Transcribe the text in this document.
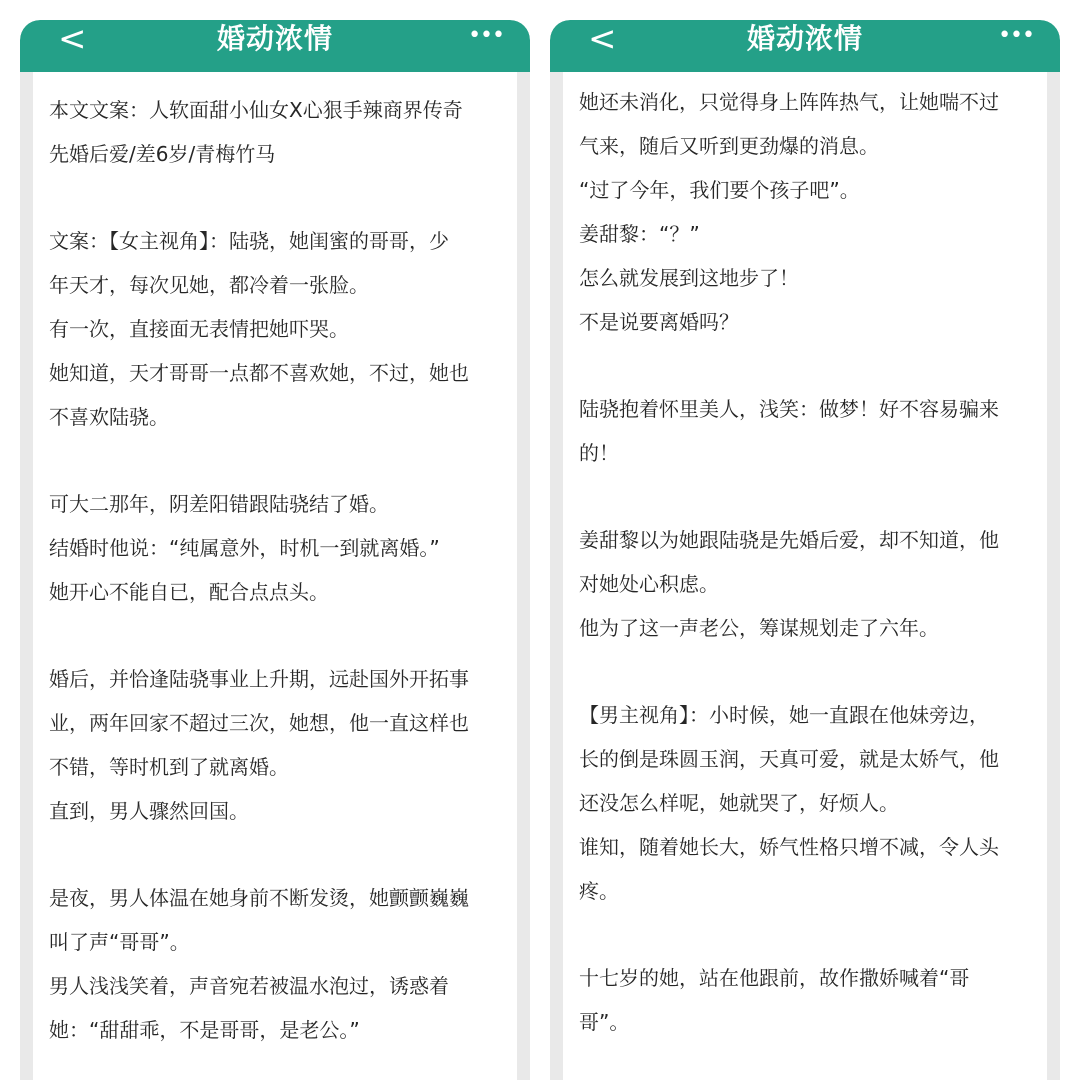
<	婚动浓情	•••
本文文案：人软面甜小仙女X心狠手辣商界传奇
先婚后爱/差6岁/青梅竹马
文案：【女主视角】：陆骁，她闺蜜的哥哥，少
年天才，每次见她，都冷着一张脸。
有一次，直接面无表情把她吓哭。
她知道，天才哥哥一点都不喜欢她，不过，她也
不喜欢陆骁。
可大二那年，阴差阳错跟陆骁结了婚。
结婚时他说：“纯属意外，时机一到就离婚。”
她开心不能自已，配合点点头。
婚后，并恰逢陆骁事业上升期，远赴国外开拓事
业，两年回家不超过三次，她想，他一直这样也
不错，等时机到了就离婚。
直到，男人骤然回国。
是夜，男人体温在她身前不断发烫，她颤颤巍巍
叫了声“哥哥”。
男人浅浅笑着，声音宛若被温水泡过，诱惑着
她：“甜甜乖，不是哥哥，是老公。”
<	婚动浓情	•••
她还未消化，只觉得身上阵阵热气，让她喘不过
气来，随后又听到更劲爆的消息。
“过了今年，我们要个孩子吧”。
姜甜黎：“？”
怎么就发展到这地步了！
不是说要离婚吗？
陆骁抱着怀里美人，浅笑：做梦！好不容易骗来
的！
姜甜黎以为她跟陆骁是先婚后爱，却不知道，他
对她处心积虑。
他为了这一声老公，筹谋规划走了六年。
【男主视角】：小时候，她一直跟在他妹旁边，
长的倒是珠圆玉润，天真可爱，就是太娇气，他
还没怎么样呢，她就哭了，好烦人。
谁知，随着她长大，娇气性格只增不减，令人头
疼。
十七岁的她，站在他跟前，故作撒娇喊着“哥
哥”。
